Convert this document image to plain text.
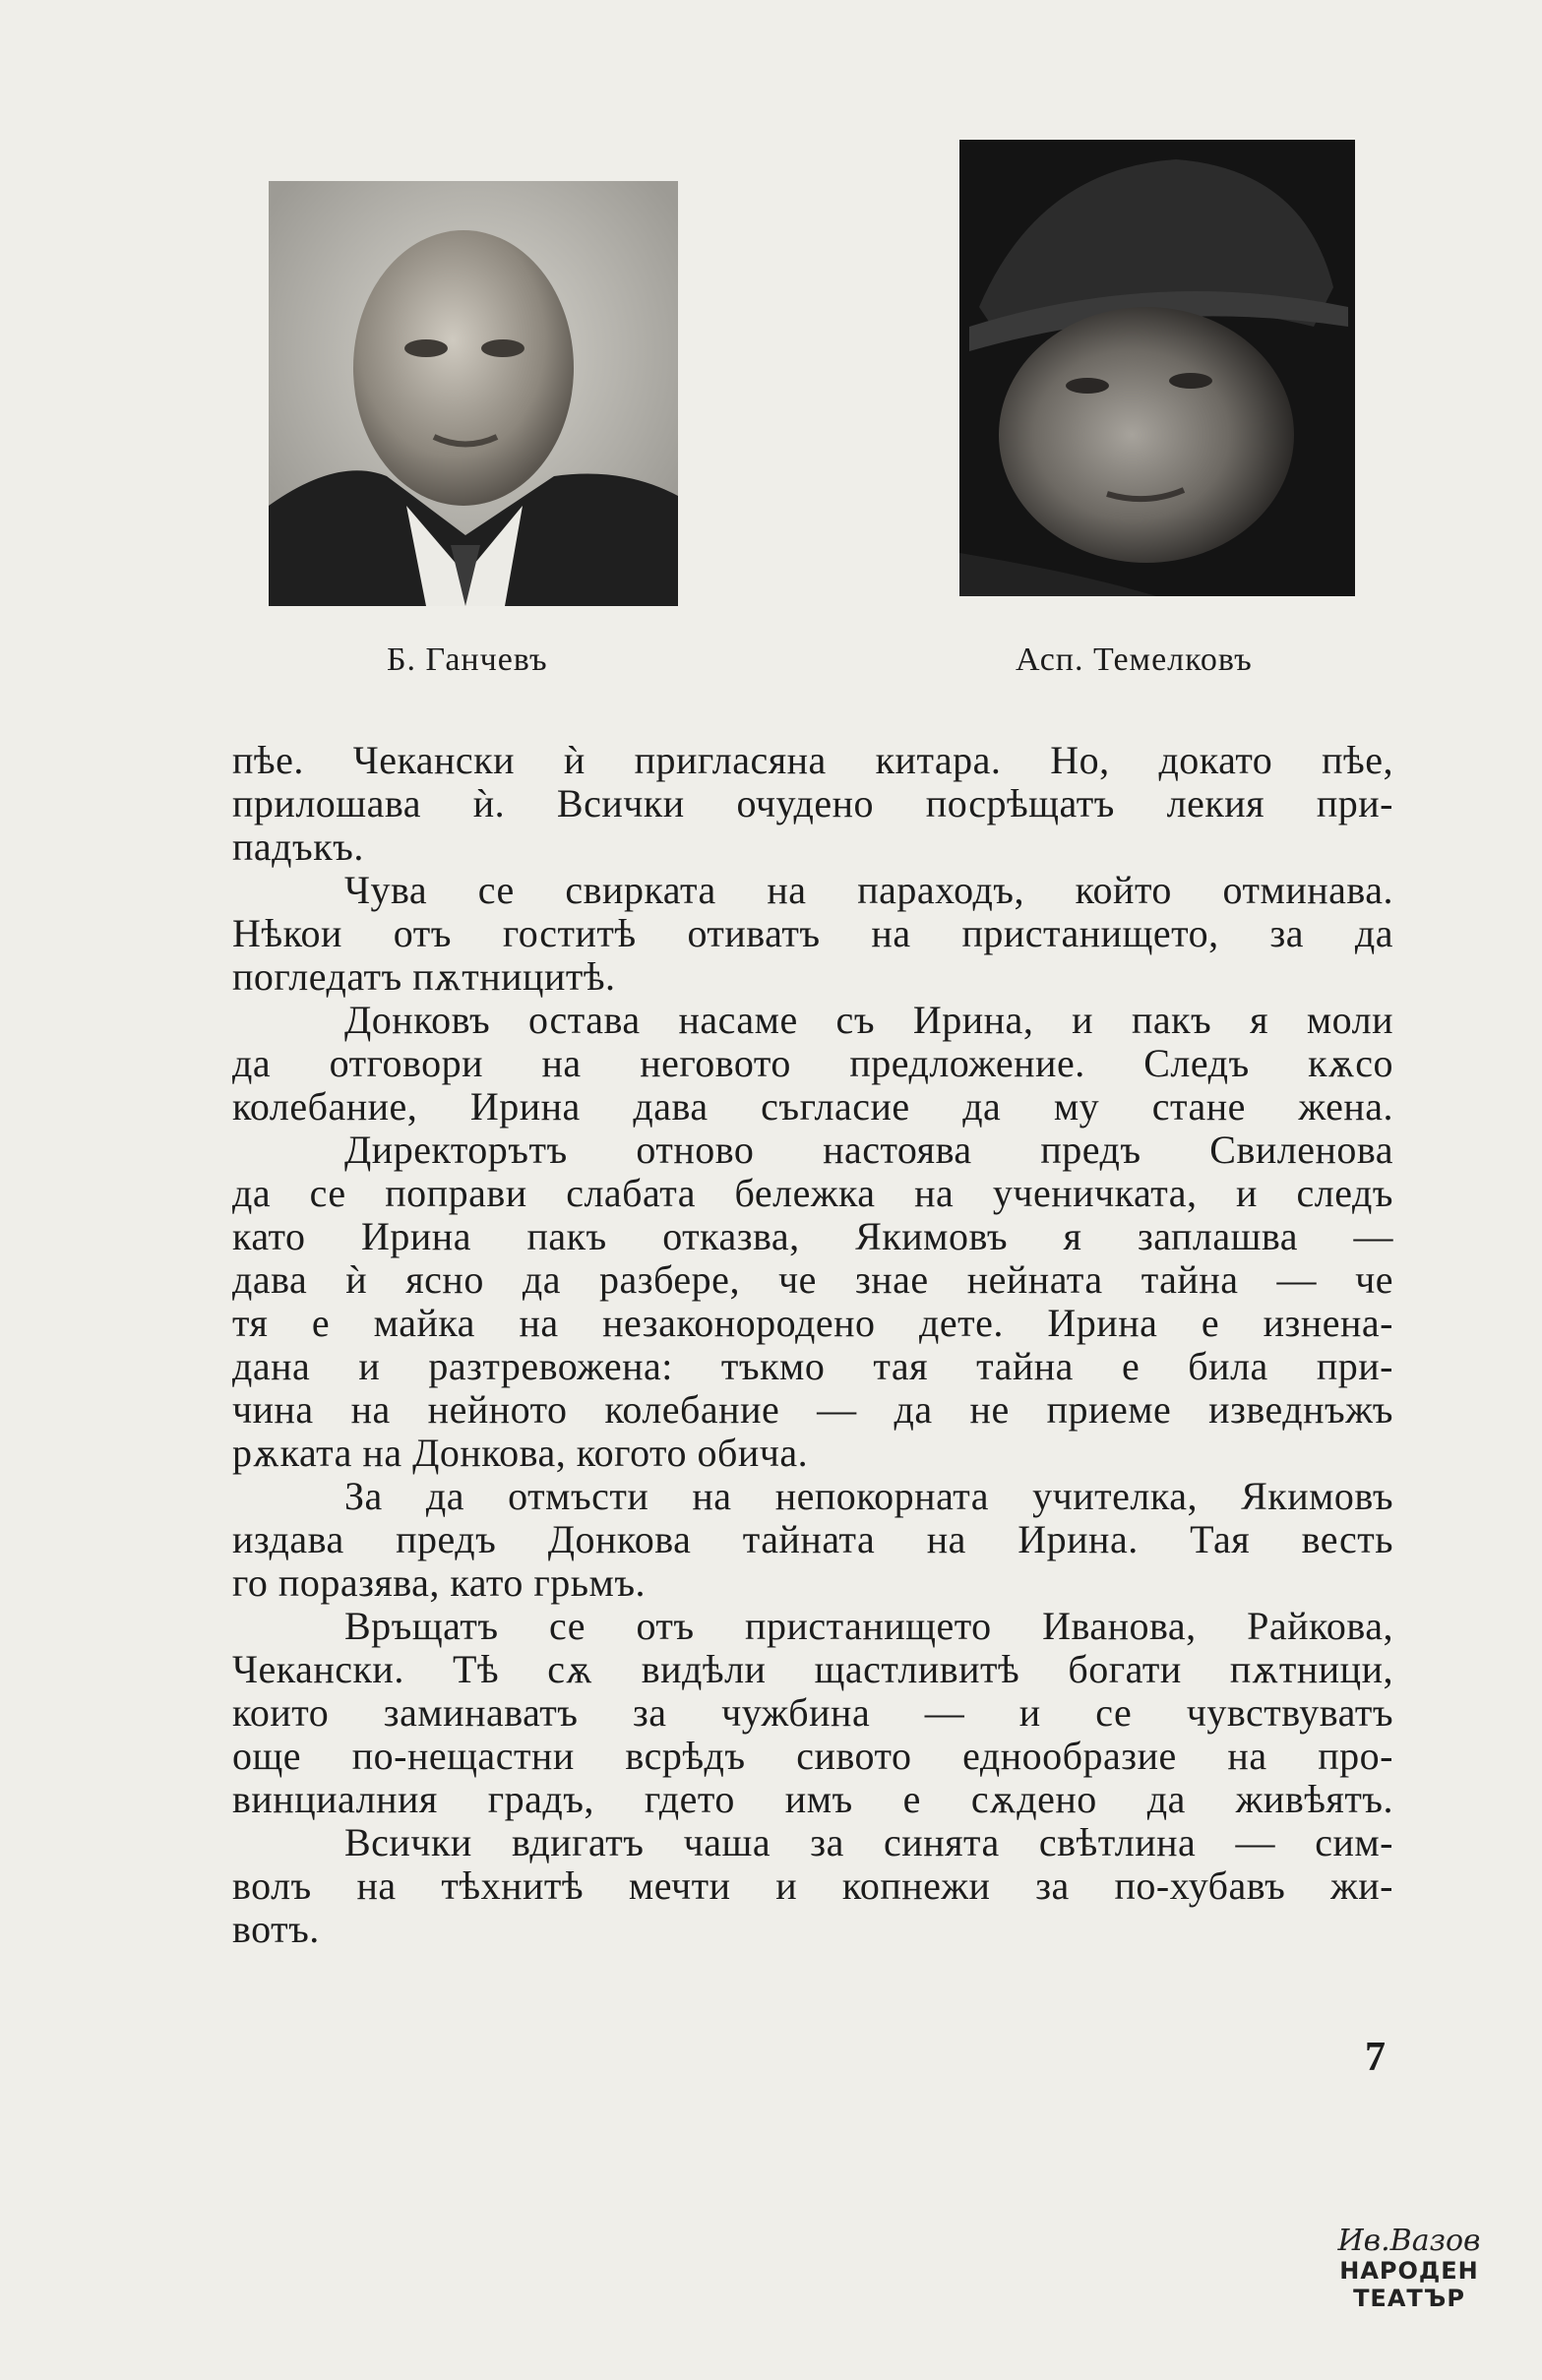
Б. Ганчевъ	Асп. Темелковъ
пѣе. Чекански ѝ пригласяна китара. Но, докато пѣе,
прилошава ѝ. Всички очудено посрѣщатъ лекия при-
падъкъ.
Чува се свирката на параходъ, който отминава.
Нѣкои отъ гоститѣ отиватъ на пристанището, за да
погледатъ пѫтницитѣ.
Донковъ остава насаме съ Ирина, и пакъ я моли
да отговори на неговото предложение. Следъ кѫсо
колебание, Ирина дава съгласие да му стане жена.
Директорътъ отново настоява предъ Свиленова
да се поправи слабата бележка на ученичката, и следъ
като Ирина пакъ отказва, Якимовъ я заплашва —
дава ѝ ясно да разбере, че знае нейната тайна — че
тя е майка на незаконородено дете. Ирина е изненa-
дана и разтревожена: тъкмо тая тайна е била при-
чина на нейното колебание — да не приеме изведнъжъ
рѫката на Донкова, когото обича.
За да отмъсти на непокорната учителка, Якимовъ
издава предъ Донкова тайната на Ирина. Тая весть
го поразява, като грьмъ.
Връщатъ се отъ пристанището Иванова, Райкова,
Чекански. Тѣ сѫ видѣли щастливитѣ богати пѫтници,
които заминаватъ за чужбина — и се чувствуватъ
още по-нещастни всрѣдъ сивото еднообразие на про-
винциалния градъ, гдето имъ е сѫдено да живѣятъ.
Всички вдигатъ чаша за синята свѣтлина — сим-
волъ на тѣхнитѣ мечти и копнежи за по-хубавъ жи-
вотъ.
7
Ив.Вазов
НАРОДЕН
ТЕАТЪР
